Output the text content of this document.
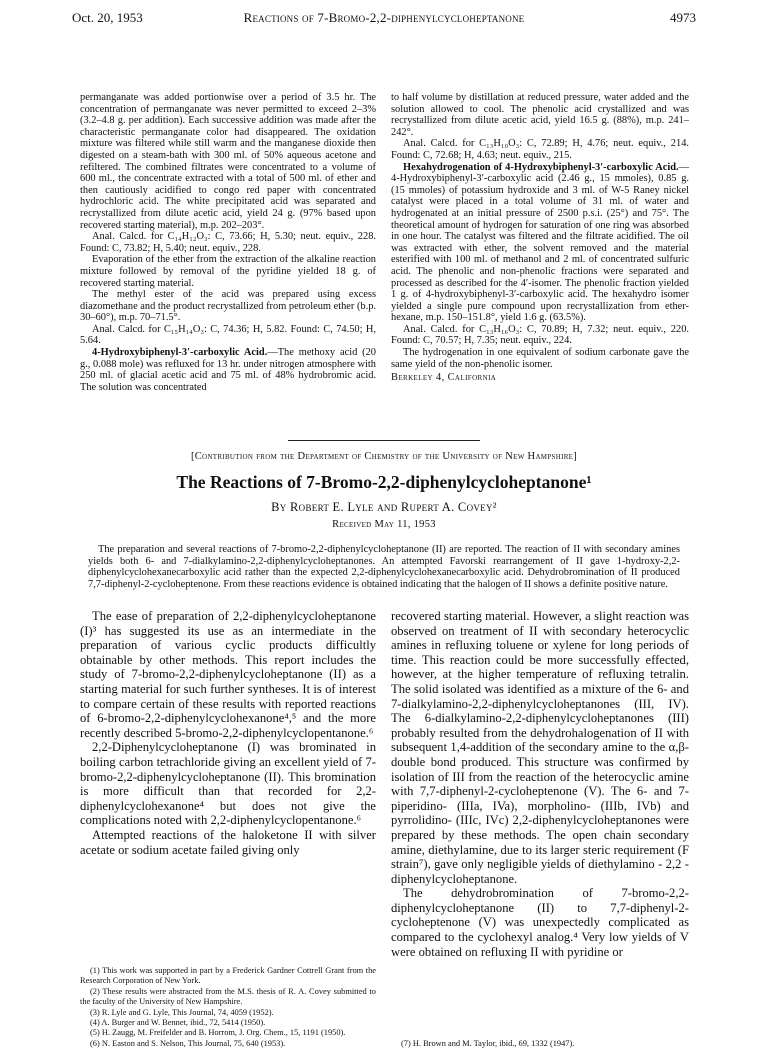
Oct. 20, 1953	Reactions of 7-Bromo-2,2-diphenylcycloheptanone	4973

permanganate was added portionwise over a period of 3.5 hr. The concentration of permanganate was never permitted to exceed 2–3% (3.2–4.8 g. per addition). Each successive addition was made after the characteristic permanganate color had disappeared. The oxidation mixture was filtered while still warm and the manganese dioxide then digested on a steam-bath with 300 ml. of 50% aqueous acetone and refiltered. The combined filtrates were concentrated to a volume of 600 ml., the concentrate extracted with a total of 500 ml. of ether and then cautiously acidified to congo red paper with concentrated hydrochloric acid. The white precipitated acid was separated and recrystallized from dilute acetic acid, yield 24 g. (97% based upon recovered starting material), m.p. 202–203°.

Anal. Calcd. for C₁₄H₁₂O₃: C, 73.66; H, 5.30; neut. equiv., 228. Found: C, 73.82; H, 5.40; neut. equiv., 228.

Evaporation of the ether from the extraction of the alkaline reaction mixture followed by removal of the pyridine yielded 18 g. of recovered starting material.

The methyl ester of the acid was prepared using excess diazomethane and the product recrystallized from petroleum ether (b.p. 30–60°), m.p. 70–71.5°.

Anal. Calcd. for C₁₅H₁₄O₃: C, 74.36; H, 5.82. Found: C, 74.50; H, 5.64.

4-Hydroxybiphenyl-3′-carboxylic Acid.—The methoxy acid (20 g., 0.088 mole) was refluxed for 13 hr. under nitrogen atmosphere with 250 ml. of glacial acetic acid and 75 ml. of 48% hydrobromic acid. The solution was concentrated

to half volume by distillation at reduced pressure, water added and the solution allowed to cool. The phenolic acid crystallized and was recrystallized from dilute acetic acid, yield 16.5 g. (88%), m.p. 241–242°.

Anal. Calcd. for C₁₃H₁₀O₃: C, 72.89; H, 4.76; neut. equiv., 214. Found: C, 72.68; H, 4.63; neut. equiv., 215.

Hexahydrogenation of 4-Hydroxybiphenyl-3′-carboxylic Acid.—4-Hydroxybiphenyl-3′-carboxylic acid (2.46 g., 15 mmoles), 0.85 g. (15 mmoles) of potassium hydroxide and 3 ml. of W-5 Raney nickel catalyst were placed in a total volume of 31 ml. of water and hydrogenated at an initial pressure of 2500 p.s.i. (25°) and 75°. The theoretical amount of hydrogen for saturation of one ring was absorbed in one hour. The catalyst was filtered and the filtrate acidified. The oil was extracted with ether, the solvent removed and the material esterified with 100 ml. of methanol and 2 ml. of concentrated sulfuric acid. The phenolic and non-phenolic fractions were separated and processed as described for the 4′-isomer. The phenolic fraction yielded 1 g. of 4-hydroxybiphenyl-3′-carboxylic acid. The hexahydro isomer yielded a single pure compound upon recrystallization from ether-hexane, m.p. 150–151.8°, yield 1.6 g. (63.5%).

Anal. Calcd. for C₁₃H₁₆O₃: C, 70.89; H, 7.32; neut. equiv., 220. Found: C, 70.57; H, 7.35; neut. equiv., 224.

The hydrogenation in one equivalent of sodium carbonate gave the same yield of the non-phenolic isomer.

Berkeley 4, California

[Contribution from the Department of Chemistry of the University of New Hampshire]
The Reactions of 7-Bromo-2,2-diphenylcycloheptanone¹
By Robert E. Lyle and Rupert A. Covey²
Received May 11, 1953
The preparation and several reactions of 7-bromo-2,2-diphenylcycloheptanone (II) are reported. The reaction of II with secondary amines yields both 6- and 7-dialkylamino-2,2-diphenylcycloheptanones. An attempted Favorski rearrangement of II gave 1-hydroxy-2,2-diphenylcyclohexanecarboxylic acid rather than the expected 2,2-diphenylcyclohexanecarboxylic acid. Dehydrobromination of II produced 7,7-diphenyl-2-cycloheptenone. From these reactions evidence is obtained indicating that the halogen of II shows a definite positive nature.

The ease of preparation of 2,2-diphenylcycloheptanone (I)³ has suggested its use as an intermediate in the preparation of various cyclic products difficultly obtainable by other methods. This report includes the study of 7-bromo-2,2-diphenylcycloheptanone (II) as a starting material for such further syntheses. It is of interest to compare certain of these results with reported reactions of 6-bromo-2,2-diphenylcyclohexanone⁴,⁵ and the more recently described 5-bromo-2,2-diphenylcyclopentanone.⁶

2,2-Diphenylcycloheptanone (I) was brominated in boiling carbon tetrachloride giving an excellent yield of 7-bromo-2,2-diphenylcycloheptanone (II). This bromination is more difficult than that recorded for 2,2-diphenylcyclohexanone⁴ but does not give the complications noted with 2,2-diphenylcyclopentanone.⁶

Attempted reactions of the haloketone II with silver acetate or sodium acetate failed giving only

recovered starting material. However, a slight reaction was observed on treatment of II with secondary heterocyclic amines in refluxing toluene or xylene for long periods of time. This reaction could be more successfully effected, however, at the higher temperature of refluxing tetralin. The solid isolated was identified as a mixture of the 6- and 7-dialkylamino-2,2-diphenylcycloheptanones (III, IV). The 6-dialkylamino-2,2-diphenylcycloheptanones (III) probably resulted from the dehydrohalogenation of II with subsequent 1,4-addition of the secondary amine to the α,β-double bond produced. This structure was confirmed by isolation of III from the reaction of the heterocyclic amine with 7,7-diphenyl-2-cycloheptenone (V). The 6- and 7-piperidino- (IIIa, IVa), morpholino- (IIIb, IVb) and pyrrolidino- (IIIc, IVc) 2,2-diphenylcycloheptanones were prepared by these methods. The open chain secondary amine, diethylamine, due to its larger steric requirement (F strain⁷), gave only negligible yields of diethylamino - 2,2 - diphenylcycloheptanone.

The dehydrobromination of 7-bromo-2,2-diphenylcycloheptanone (II) to 7,7-diphenyl-2-cycloheptenone (V) was unexpectedly complicated as compared to the cyclohexyl analog.⁴ Very low yields of V were obtained on refluxing II with pyridine or

(1) This work was supported in part by a Frederick Gardner Cottrell Grant from the Research Corporation of New York.
(2) These results were abstracted from the M.S. thesis of R. A. Covey submitted to the faculty of the University of New Hampshire.
(3) R. Lyle and G. Lyle, This Journal, 74, 4059 (1952).
(4) A. Burger and W. Bennet, ibid., 72, 5414 (1950).
(5) H. Zaugg, M. Freifelder and B. Horrom, J. Org. Chem., 15, 1191 (1950).
(6) N. Easton and S. Nelson, This Journal, 75, 640 (1953).	(7) H. Brown and M. Taylor, ibid., 69, 1332 (1947).
